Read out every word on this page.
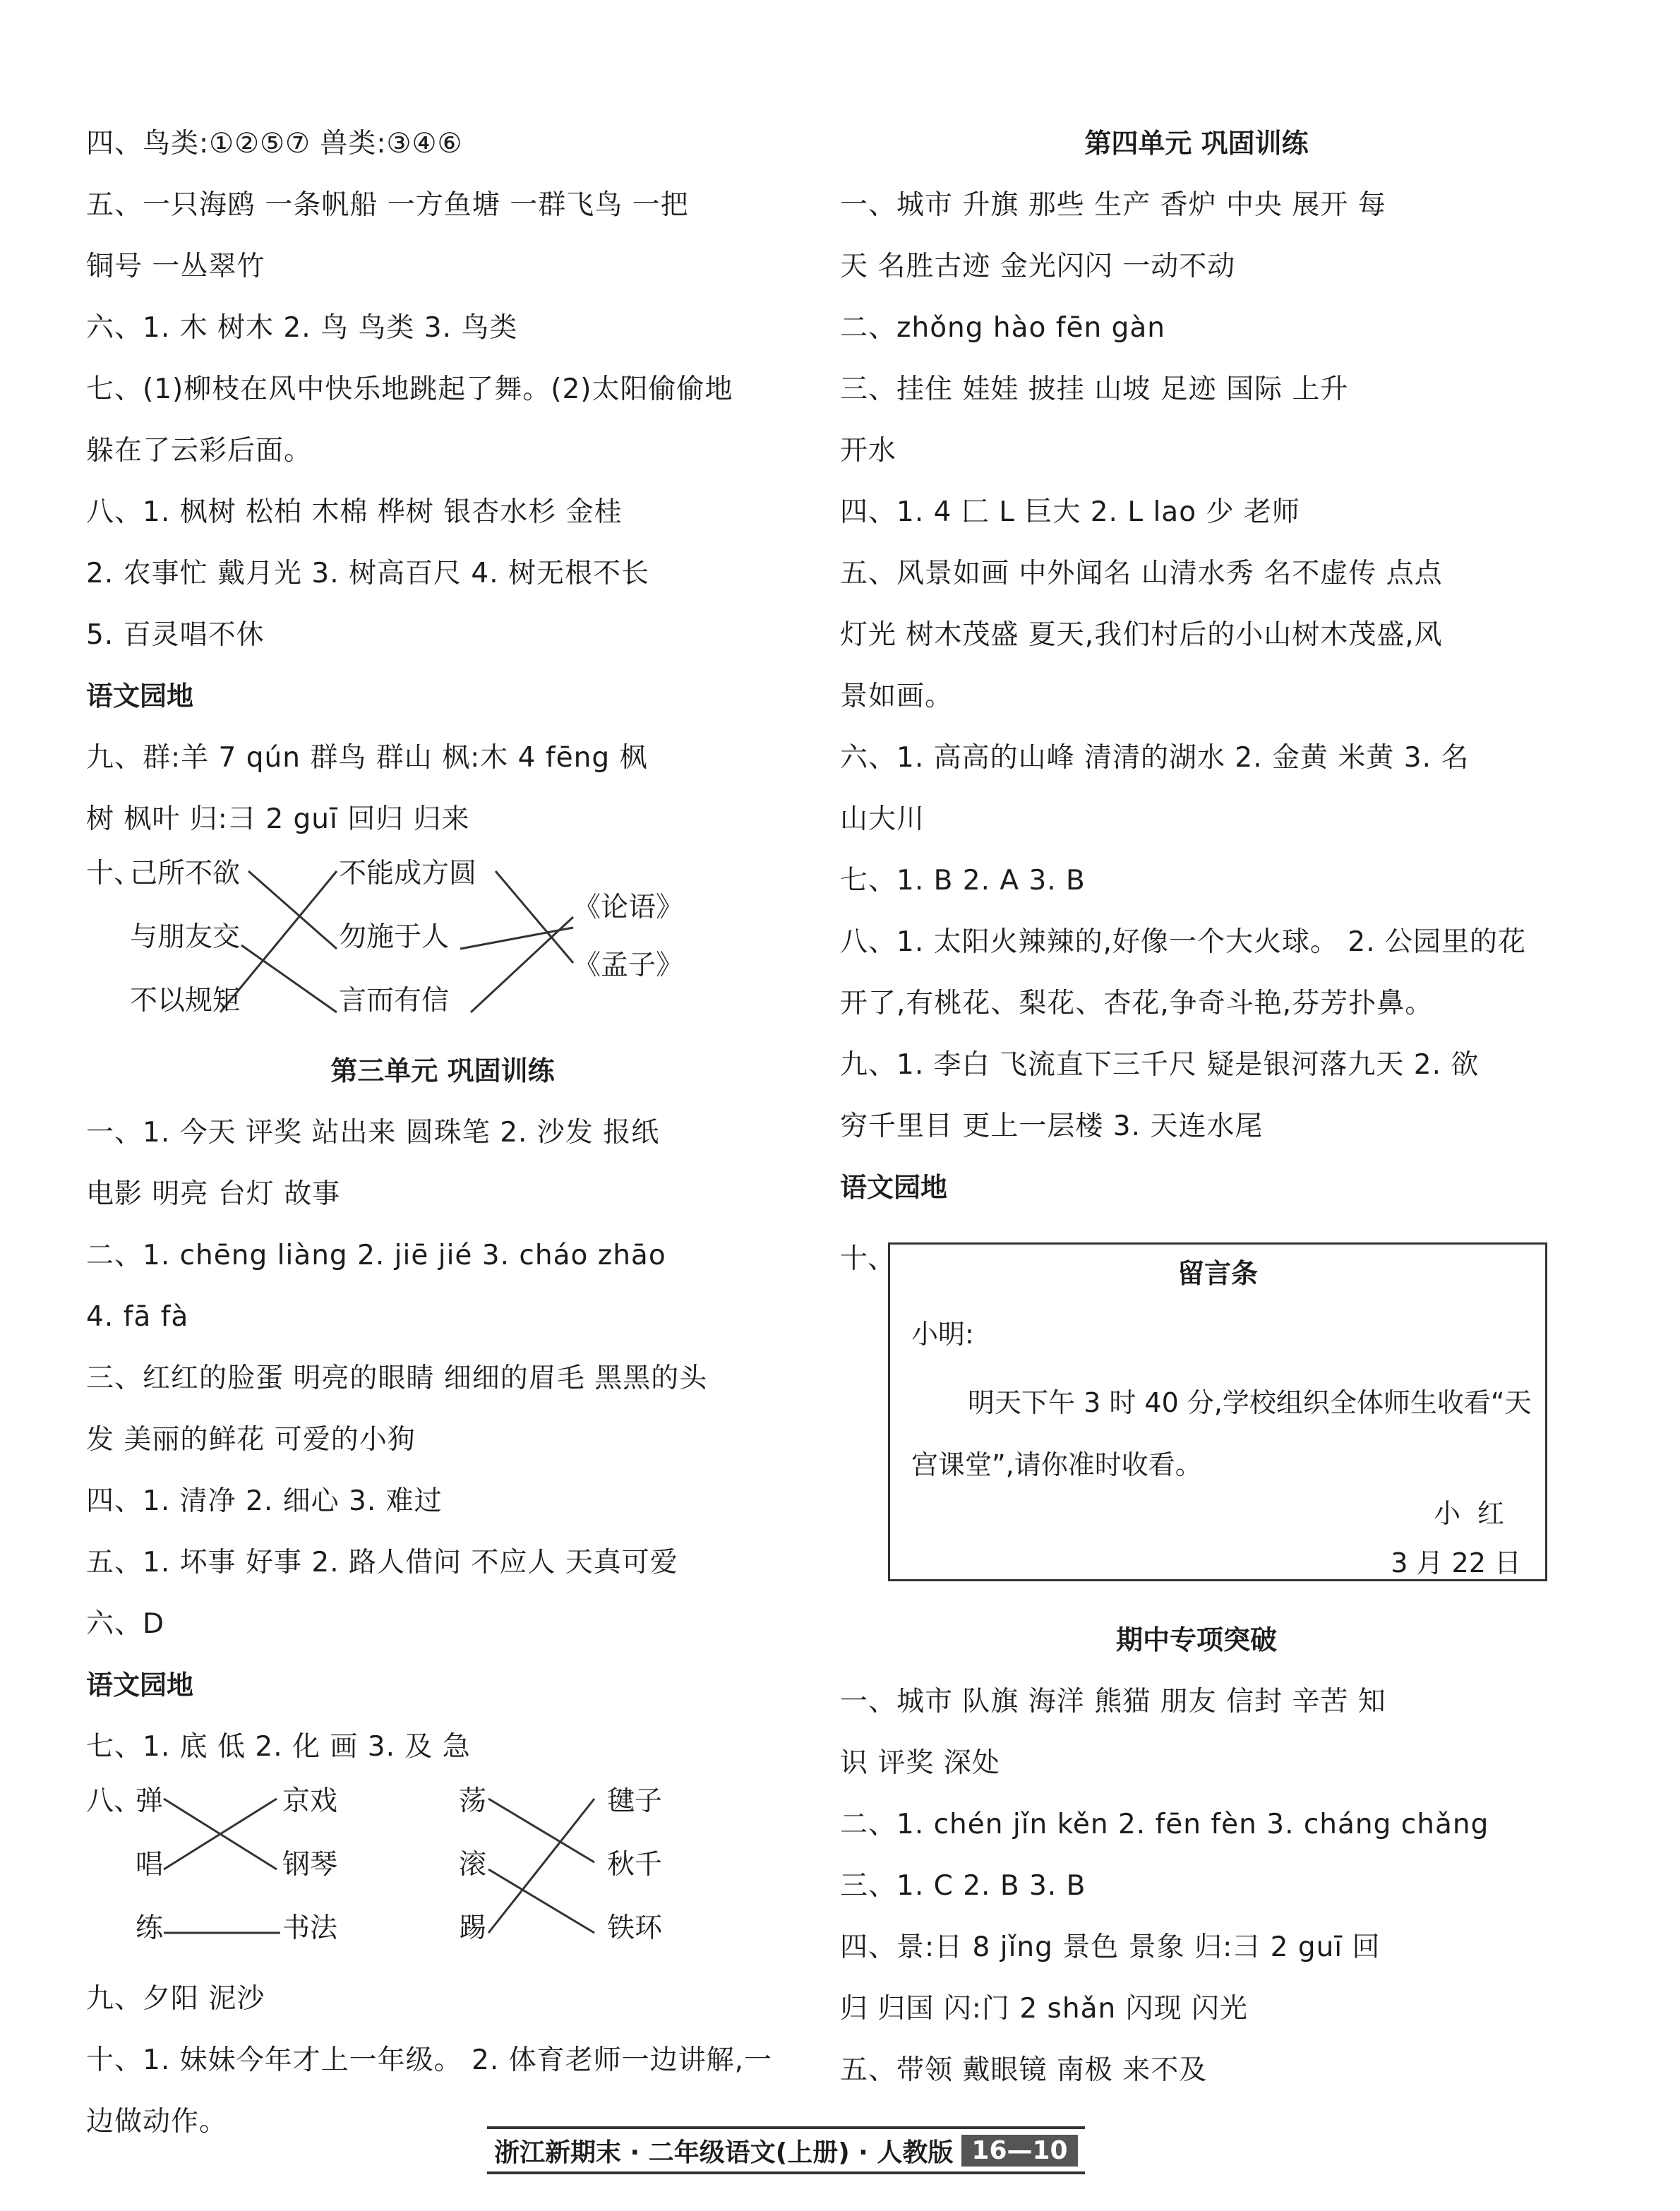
四、鸟类:①②⑤⑦ 兽类:③④⑥
五、一只海鸥 一条帆船 一方鱼塘 一群飞鸟 一把
铜号 一丛翠竹
六、1. 木 树木 2. 鸟 鸟类 3. 鸟类
七、(1)柳枝在风中快乐地跳起了舞。(2)太阳偷偷地
躲在了云彩后面。
八、1. 枫树 松柏 木棉 桦树 银杏水杉 金桂
2. 农事忙 戴月光 3. 树高百尺 4. 树无根不长
5. 百灵唱不休
语文园地
九、群:羊 7 qún 群鸟 群山 枫:木 4 fēng 枫
树 枫叶 归:彐 2 guī 回归 归来
十、
己所不欲
与朋友交
不以规矩
不能成方圆
勿施于人
言而有信
《论语》
《孟子》
第三单元 巩固训练
一、1. 今天 评奖 站出来 圆珠笔 2. 沙发 报纸
电影 明亮 台灯 故事
二、1. chēng liàng 2. jiē jié 3. cháo zhāo
4. fā fà
三、红红的脸蛋 明亮的眼睛 细细的眉毛 黑黑的头
发 美丽的鲜花 可爱的小狗
四、1. 清净 2. 细心 3. 难过
五、1. 坏事 好事 2. 路人借问 不应人 天真可爱
六、D
语文园地
七、1. 底 低 2. 化 画 3. 及 急
八、
弹
唱
练
京戏
钢琴
书法
荡
滚
踢
毽子
秋千
铁环
九、夕阳 泥沙
十、1. 妹妹今年才上一年级。 2. 体育老师一边讲解,一
边做动作。
第四单元 巩固训练
一、城市 升旗 那些 生产 香炉 中央 展开 每
天 名胜古迹 金光闪闪 一动不动
二、zhǒng hào fēn gàn
三、挂住 娃娃 披挂 山坡 足迹 国际 上升
开水
四、1. 4 匚 L 巨大 2. L lao 少 老师
五、风景如画 中外闻名 山清水秀 名不虚传 点点
灯光 树木茂盛 夏天,我们村后的小山树木茂盛,风
景如画。
六、1. 高高的山峰 清清的湖水 2. 金黄 米黄 3. 名
山大川
七、1. B 2. A 3. B
八、1. 太阳火辣辣的,好像一个大火球。 2. 公园里的花
开了,有桃花、梨花、杏花,争奇斗艳,芬芳扑鼻。
九、1. 李白 飞流直下三千尺 疑是银河落九天 2. 欲
穷千里目 更上一层楼 3. 天连水尾
语文园地
十、	留言条
小明:
明天下午 3 时 40 分,学校组织全体师生收看“天宫课堂”,请你准时收看。
小红
3 月 22 日
期中专项突破
一、城市 队旗 海洋 熊猫 朋友 信封 辛苦 知
识 评奖 深处
二、1. chén jǐn kěn 2. fēn fèn 3. cháng chǎng
三、1. C 2. B 3. B
四、景:日 8 jǐng 景色 景象 归:彐 2 guī 回
归 归国 闪:门 2 shǎn 闪现 闪光
五、带领 戴眼镜 南极 来不及
浙江新期末 · 二年级语文(上册) · 人教版 16—10
